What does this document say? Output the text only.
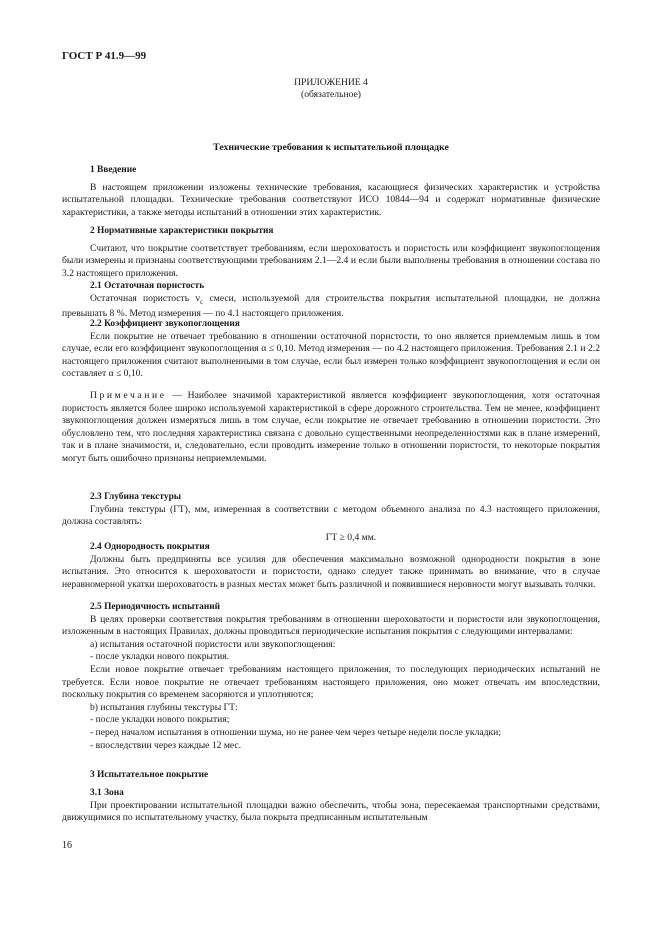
ГОСТ Р 41.9—99
ПРИЛОЖЕНИЕ 4
(обязательное)
Технические требования к испытательной площадке
1 Введение
В настоящем приложении изложены технические требования, касающиеся физических характеристик и устройства испытательной площадки. Технические требования соответствуют ИСО 10844—94 и содержат нормативные физические характеристики, а также методы испытаний в отношении этих характеристик.
2 Нормативные характеристики покрытия
Считают, что покрытие соответствует требованиям, если шероховатость и пористость или коэффициент звукопоглощения были измерены и признаны соответствующими требованиям 2.1—2.4 и если были выполнены требования в отношении состава по 3.2 настоящего приложения.
2.1 Остаточная пористость
Остаточная пористость $v_c$ смеси, используемой для строительства покрытия испытательной площадки, не должна превышать 8 %. Метод измерения — по 4.1 настоящего приложения.
2.2 Коэффициент звукопоглощения
Если покрытие не отвечает требованию в отношении остаточной пористости, то оно является приемлемым лишь в том случае, если его коэффициент звукопоглощения α ≤ 0,10. Метод измерения — по 4.2 настоящего приложения. Требования 2.1 и 2.2 настоящего приложения считают выполненными в том случае, если был измерен только коэффициент звукопоглощения и если он составляет α ≤ 0,10.
Примечание — Наиболее значимой характеристикой является коэффициент звукопоглощения, хотя остаточная пористость является более широко используемой характеристикой в сфере дорожного строительства. Тем не менее, коэффициент звукопоглощения должен измеряться лишь в том случае, если покрытие не отвечает требованию в отношении пористости. Это обусловлено тем, что последняя характеристика связана с довольно существенными неопределенностями как в плане измерений, так и в плане значимости, и, следовательно, если проводить измерение только в отношении пористости, то некоторые покрытия могут быть ошибочно признаны неприемлемыми.
2.3 Глубина текстуры
Глубина текстуры (ГТ), мм, измеренная в соответствии с методом объемного анализа по 4.3 настоящего приложения, должна составлять:
ГТ ≥ 0,4 мм.
2.4 Однородность покрытия
Должны быть предприняты все усилия для обеспечения максимально возможной однородности покрытия в зоне испытания. Это относится к шероховатости и пористости, однако следует также принимать во внимание, что в случае неравномерной укатки шероховатость в разных местах может быть различной и появившиеся неровности могут вызывать толчки.
2.5 Периодичность испытаний
В целях проверки соответствия покрытия требованиям в отношении шероховатости и пористости или звукопоглощения, изложенным в настоящих Правилах, должны проводиться периодические испытания покрытия с следующими интервалами:
а) испытания остаточной пористости или звукопоглощения:
- после укладки нового покрытия.
Если новое покрытие отвечает требованиям настоящего приложения, то последующих периодических испытаний не требуется. Если новое покрытие не отвечает требованиям настоящего приложения, оно может отвечать им впоследствии, поскольку покрытия со временем засоряются и уплотняются;
b) испытания глубины текстуры ГТ:
- после укладки нового покрытия;
- перед началом испытания в отношении шума, но не ранее чем через четыре недели после укладки;
- впоследствии через каждые 12 мес.
3 Испытательное покрытие
3.1 Зона
При проектировании испытательной площадки важно обеспечить, чтобы зона, пересекаемая транспортными средствами, движущимися по испытательному участку, была покрыта предписанным испытательным
16
